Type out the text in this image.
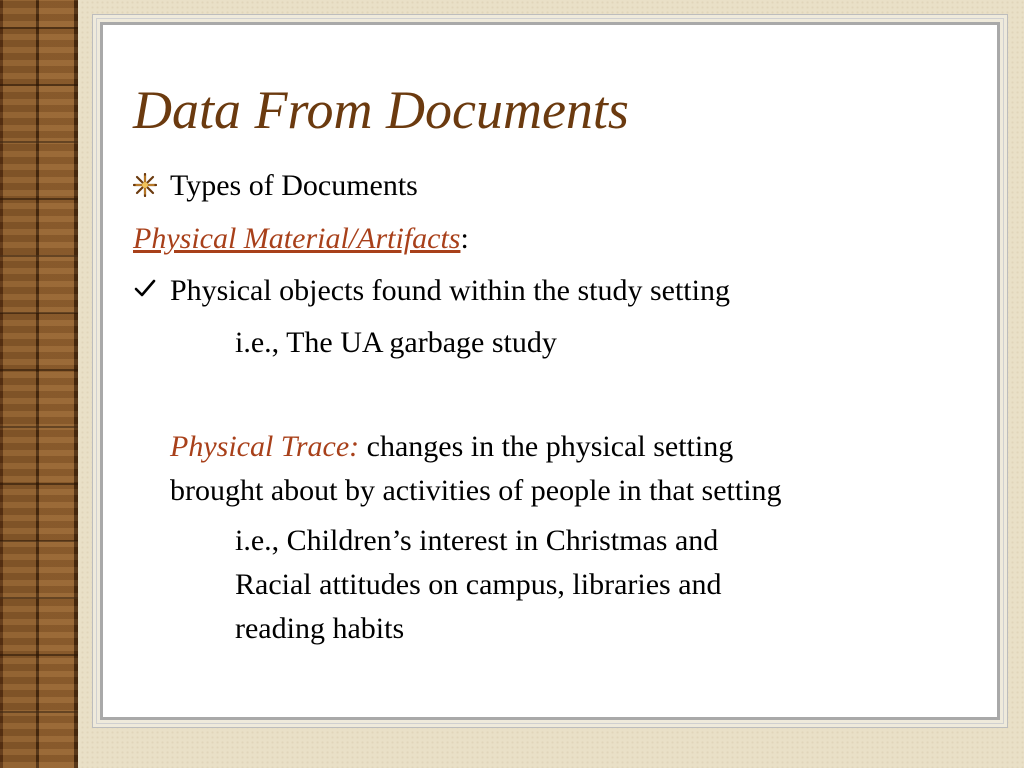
Data From Documents
Types of Documents
Physical Material/Artifacts:
Physical objects found within the study setting
i.e., The UA garbage study
Physical Trace: changes in the physical setting
brought about by activities of people in that setting
i.e., Children’s interest in Christmas and
Racial attitudes on campus, libraries and
reading habits
